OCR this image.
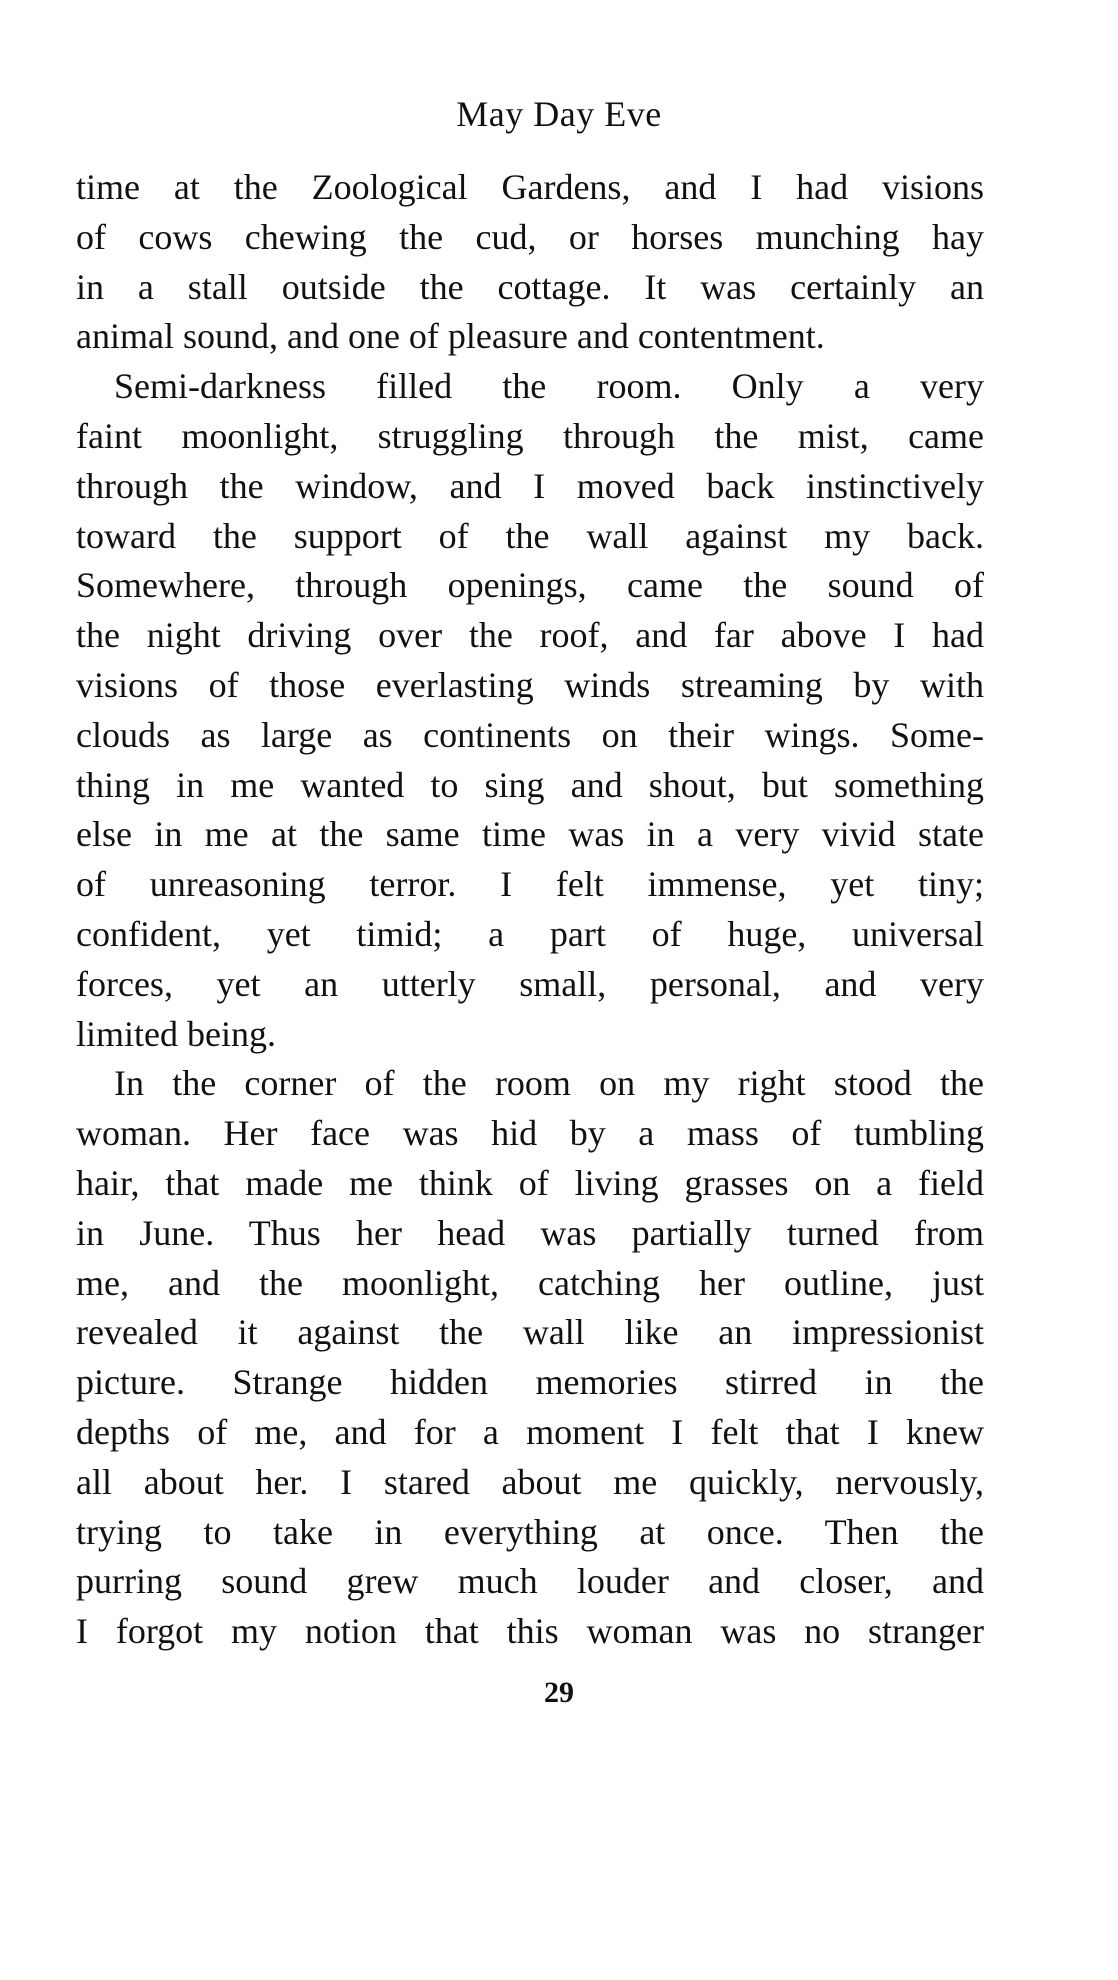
May Day Eve
time at the Zoological Gardens, and I had visions
of cows chewing the cud, or horses munching hay
in a stall outside the cottage. It was certainly an
animal sound, and one of pleasure and contentment.
Semi-darkness filled the room. Only a very
faint moonlight, struggling through the mist, came
through the window, and I moved back instinctively
toward the support of the wall against my back.
Somewhere, through openings, came the sound of
the night driving over the roof, and far above I had
visions of those everlasting winds streaming by with
clouds as large as continents on their wings. Some-
thing in me wanted to sing and shout, but something
else in me at the same time was in a very vivid state
of unreasoning terror. I felt immense, yet tiny;
confident, yet timid; a part of huge, universal
forces, yet an utterly small, personal, and very
limited being.
In the corner of the room on my right stood the
woman. Her face was hid by a mass of tumbling
hair, that made me think of living grasses on a field
in June. Thus her head was partially turned from
me, and the moonlight, catching her outline, just
revealed it against the wall like an impressionist
picture. Strange hidden memories stirred in the
depths of me, and for a moment I felt that I knew
all about her. I stared about me quickly, nervously,
trying to take in everything at once. Then the
purring sound grew much louder and closer, and
I forgot my notion that this woman was no stranger
29
